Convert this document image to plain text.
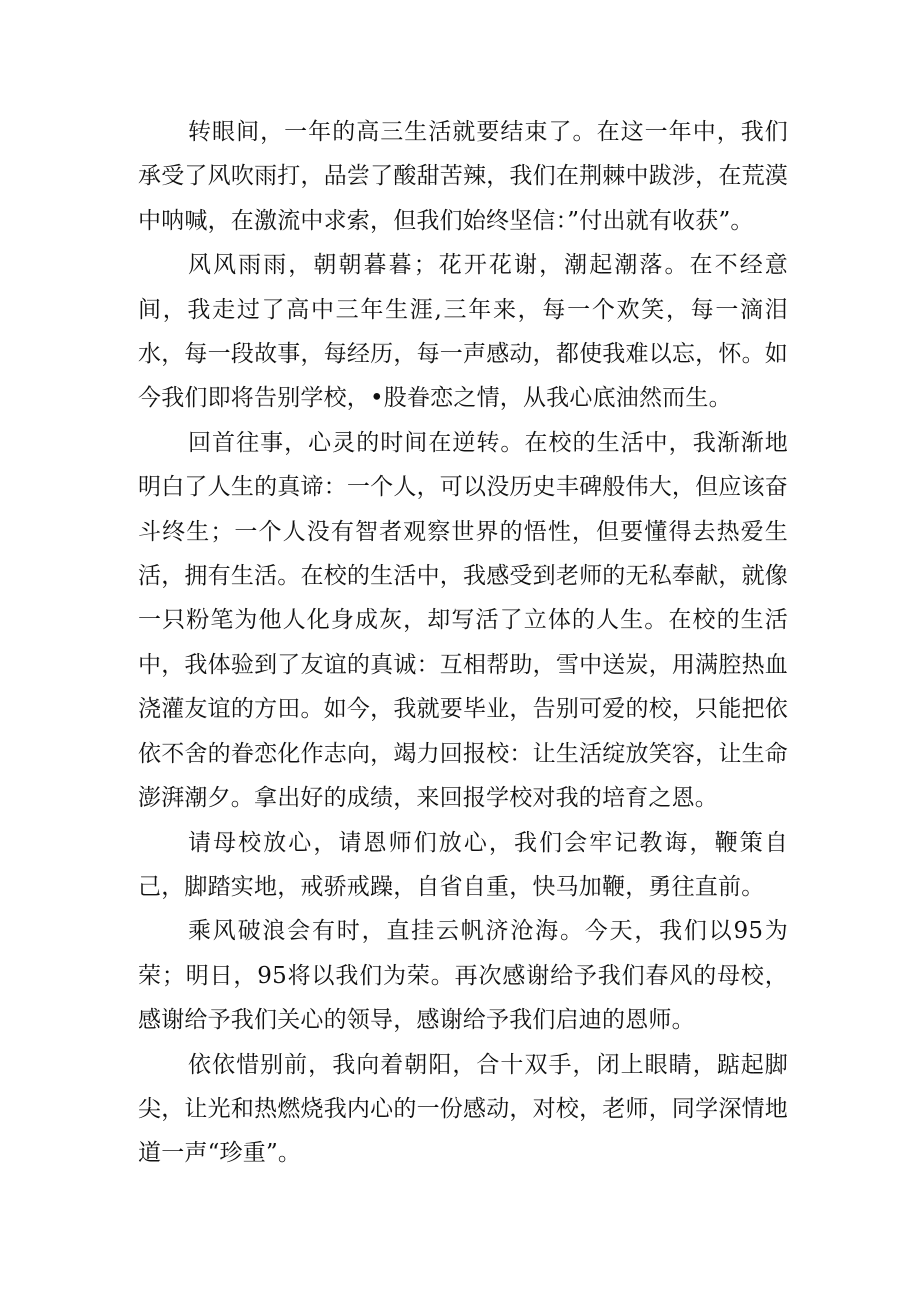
转眼间，一年的高三生活就要结束了。在这一年中，我们承受了风吹雨打，品尝了酸甜苦辣，我们在荆棘中跋涉，在荒漠中呐喊，在激流中求索，但我们始终坚信：”付出就有收获”。

风风雨雨，朝朝暮暮；花开花谢，潮起潮落。在不经意间，我走过了高中三年生涯,三年来，每一个欢笑，每一滴泪水，每一段故事，每经历，每一声感动，都使我难以忘，怀。如今我们即将告别学校，•股眷恋之情，从我心底油然而生。

回首往事，心灵的时间在逆转。在校的生活中，我渐渐地明白了人生的真谛：一个人，可以没历史丰碑般伟大，但应该奋斗终生；一个人没有智者观察世界的悟性，但要懂得去热爱生活，拥有生活。在校的生活中，我感受到老师的无私奉献，就像一只粉笔为他人化身成灰，却写活了立体的人生。在校的生活中，我体验到了友谊的真诚：互相帮助，雪中送炭，用满腔热血浇灌友谊的方田。如今，我就要毕业，告别可爱的校，只能把依依不舍的眷恋化作志向，竭力回报校：让生活绽放笑容，让生命澎湃潮夕。拿出好的成绩，来回报学校对我的培育之恩。

请母校放心，请恩师们放心，我们会牢记教诲，鞭策自己，脚踏实地，戒骄戒躁，自省自重，快马加鞭，勇往直前。

乘风破浪会有时，直挂云帆济沧海。今天，我们以95为荣；明日，95将以我们为荣。再次感谢给予我们春风的母校，感谢给予我们关心的领导，感谢给予我们启迪的恩师。

依依惜别前，我向着朝阳，合十双手，闭上眼睛，踮起脚尖，让光和热燃烧我内心的一份感动，对校，老师，同学深情地道一声“珍重”。
